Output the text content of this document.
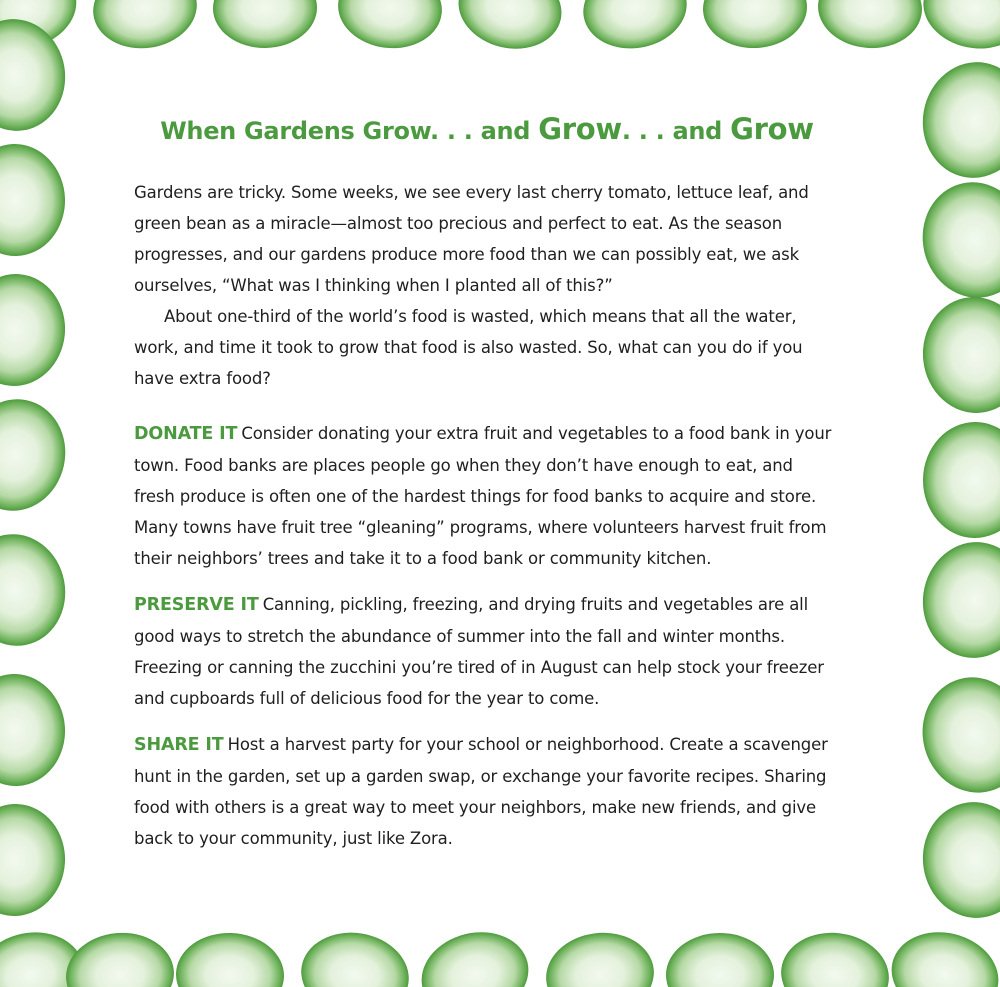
When Gardens Grow. . . and Grow. . . and Grow

Gardens are tricky. Some weeks, we see every last cherry tomato, lettuce leaf, and green bean as a miracle—almost too precious and perfect to eat. As the season progresses, and our gardens produce more food than we can possibly eat, we ask ourselves, “What was I thinking when I planted all of this?”

About one-third of the world’s food is wasted, which means that all the water, work, and time it took to grow that food is also wasted. So, what can you do if you have extra food?

DONATE IT Consider donating your extra fruit and vegetables to a food bank in your town. Food banks are places people go when they don’t have enough to eat, and fresh produce is often one of the hardest things for food banks to acquire and store. Many towns have fruit tree “gleaning” programs, where volunteers harvest fruit from their neighbors’ trees and take it to a food bank or community kitchen.

PRESERVE IT Canning, pickling, freezing, and drying fruits and vegetables are all good ways to stretch the abundance of summer into the fall and winter months. Freezing or canning the zucchini you’re tired of in August can help stock your freezer and cupboards full of delicious food for the year to come.

SHARE IT Host a harvest party for your school or neighborhood. Create a scavenger hunt in the garden, set up a garden swap, or exchange your favorite recipes. Sharing food with others is a great way to meet your neighbors, make new friends, and give back to your community, just like Zora.
